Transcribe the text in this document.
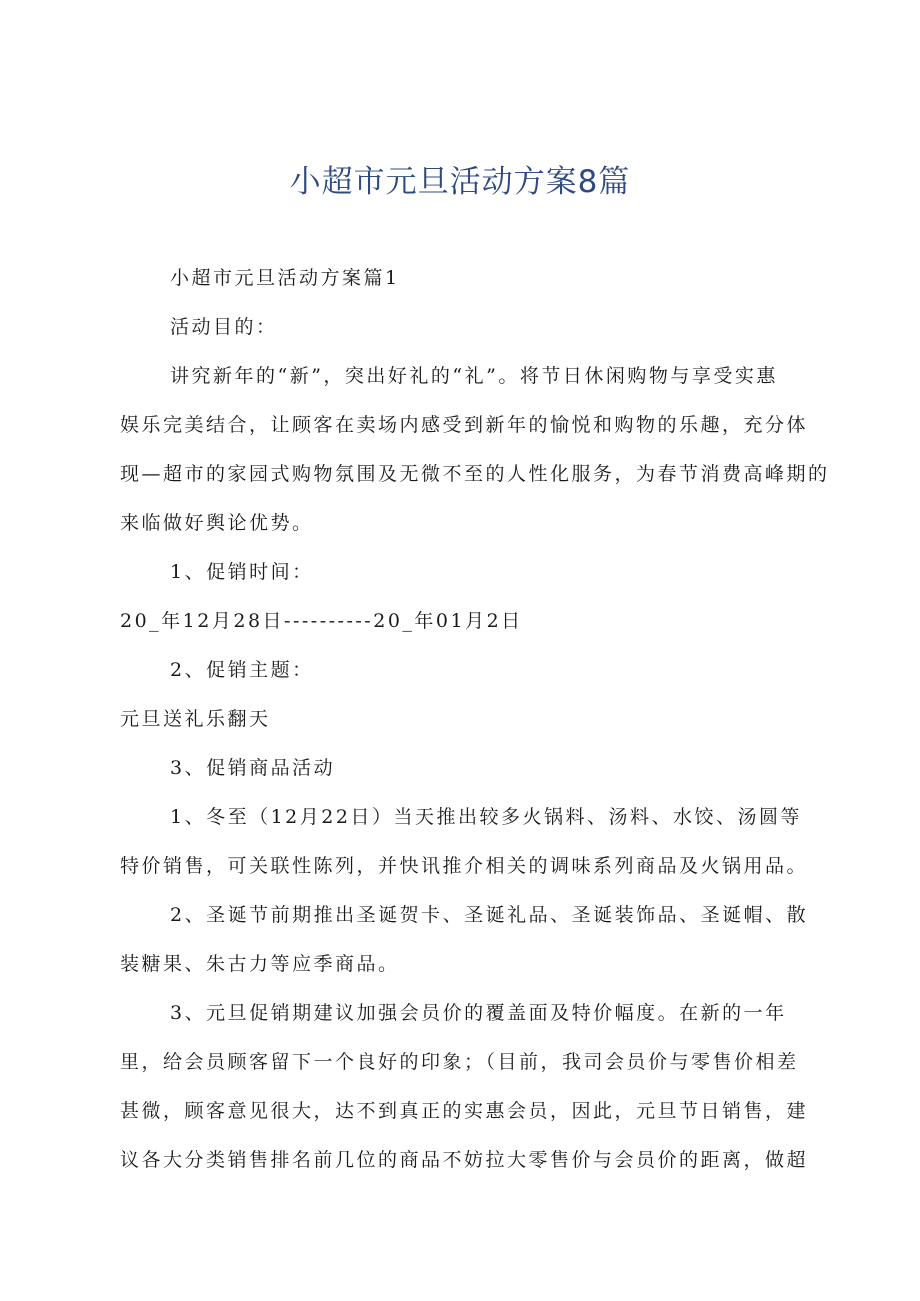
小超市元旦活动方案8篇
小超市元旦活动方案篇1
活动目的：
讲究新年的“新”，突出好礼的“礼”。将节日休闲购物与享受实惠
娱乐完美结合，让顾客在卖场内感受到新年的愉悦和购物的乐趣，充分体
现—超市的家园式购物氛围及无微不至的人性化服务，为春节消费高峰期的
来临做好舆论优势。
1、促销时间：
20_年12月28日----------20_年01月2日
2、促销主题：
元旦送礼乐翻天
3、促销商品活动
1、冬至（12月22日）当天推出较多火锅料、汤料、水饺、汤圆等
特价销售，可关联性陈列，并快讯推介相关的调味系列商品及火锅用品。
2、圣诞节前期推出圣诞贺卡、圣诞礼品、圣诞装饰品、圣诞帽、散
装糖果、朱古力等应季商品。
3、元旦促销期建议加强会员价的覆盖面及特价幅度。在新的一年
里，给会员顾客留下一个良好的印象；（目前，我司会员价与零售价相差
甚微，顾客意见很大，达不到真正的实惠会员，因此，元旦节日销售，建
议各大分类销售排名前几位的商品不妨拉大零售价与会员价的距离，做超
